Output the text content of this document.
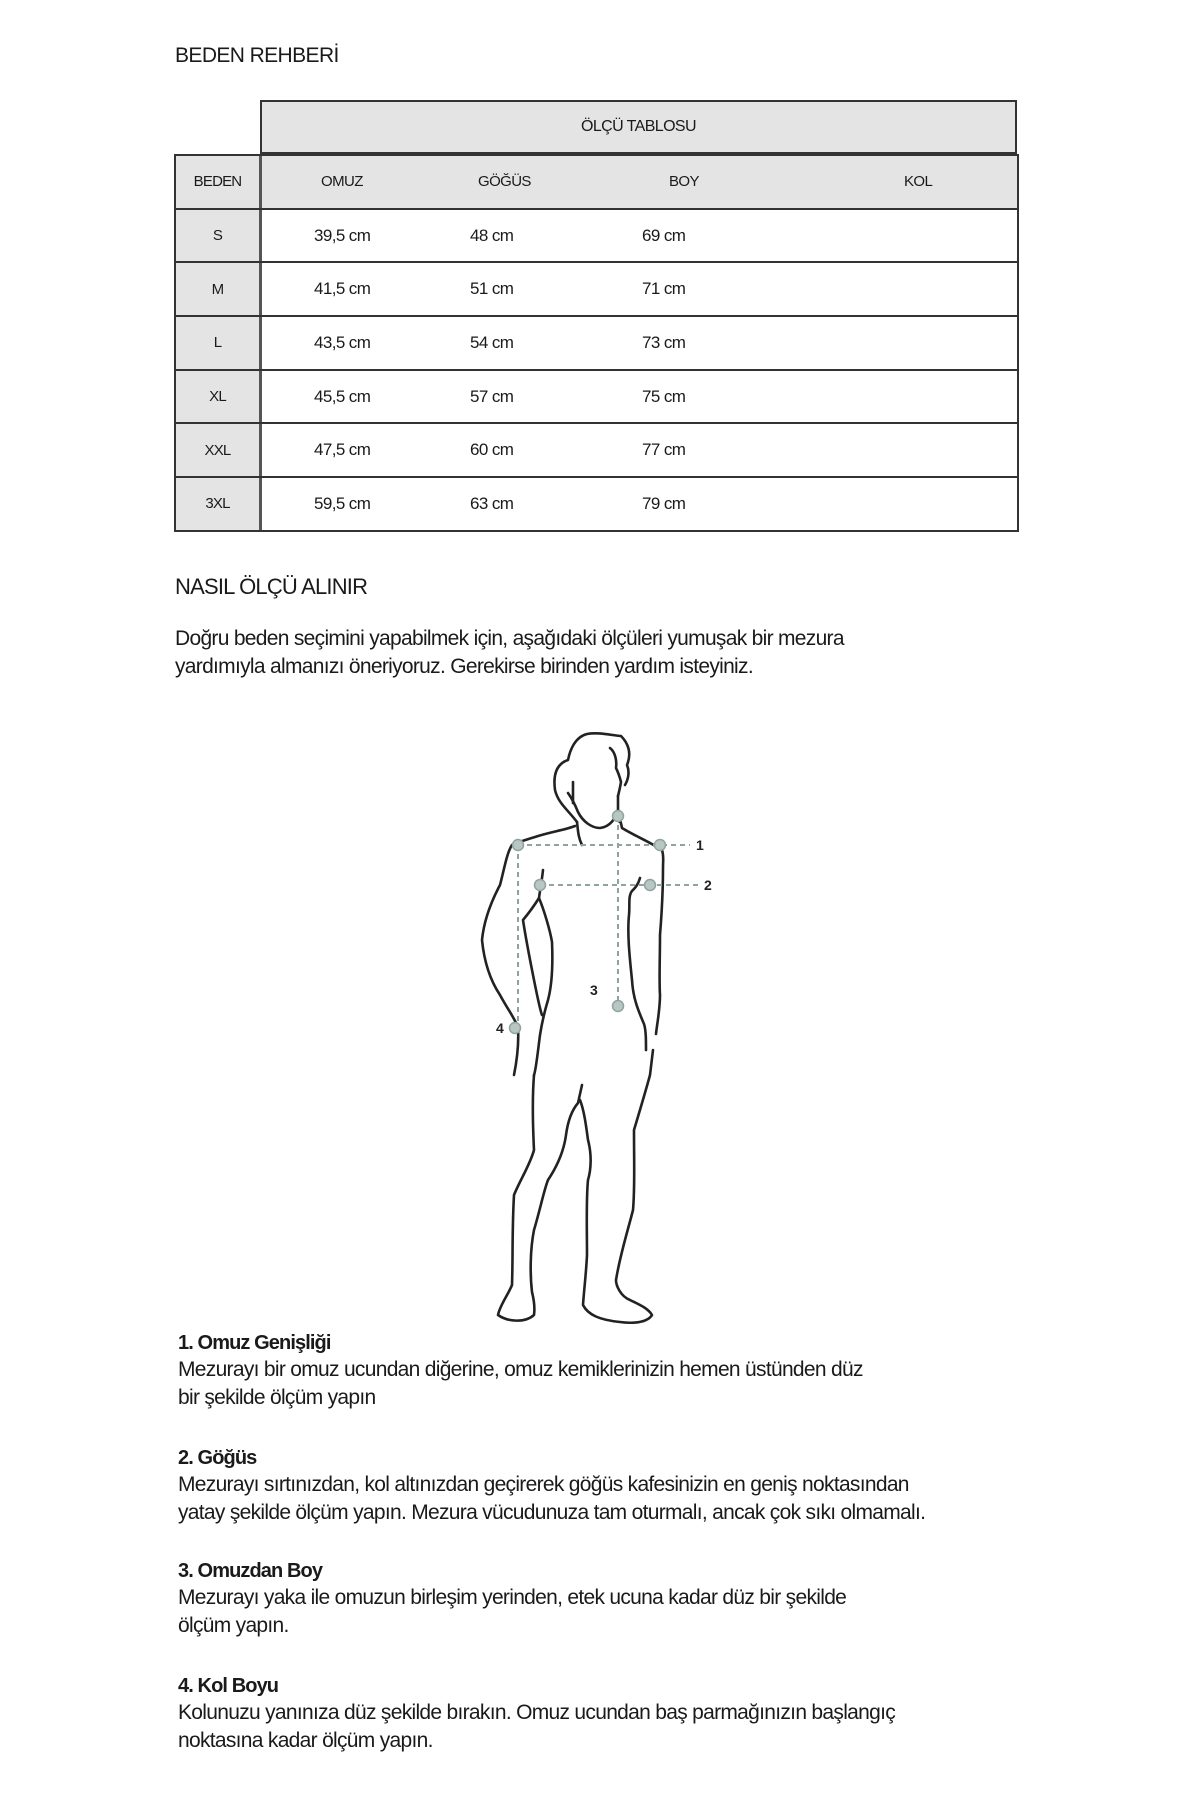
BEDEN REHBERİ
ÖLÇÜ TABLOSU
BEDEN	OMUZ	GÖĞÜS	BOY	KOL
S	39,5 cm	48 cm	69 cm
M	41,5 cm	51 cm	71 cm
L	43,5 cm	54 cm	73 cm
XL	45,5 cm	57 cm	75 cm
XXL	47,5 cm	60 cm	77 cm
3XL	59,5 cm	63 cm	79 cm
NASIL ÖLÇÜ ALINIR
Doğru beden seçimini yapabilmek için, aşağıdaki ölçüleri yumuşak bir mezura
yardımıyla almanızı öneriyoruz. Gerekirse birinden yardım isteyiniz.
1
2
3
4
1. Omuz Genişliği
Mezurayı bir omuz ucundan diğerine, omuz kemiklerinizin hemen üstünden düz
bir şekilde ölçüm yapın
2. Göğüs
Mezurayı sırtınızdan, kol altınızdan geçirerek göğüs kafesinizin en geniş noktasından
yatay şekilde ölçüm yapın. Mezura vücudunuza tam oturmalı, ancak çok sıkı olmamalı.
3. Omuzdan Boy
Mezurayı yaka ile omuzun birleşim yerinden, etek ucuna kadar düz bir şekilde
ölçüm yapın.
4. Kol Boyu
Kolunuzu yanınıza düz şekilde bırakın. Omuz ucundan baş parmağınızın başlangıç
noktasına kadar ölçüm yapın.
